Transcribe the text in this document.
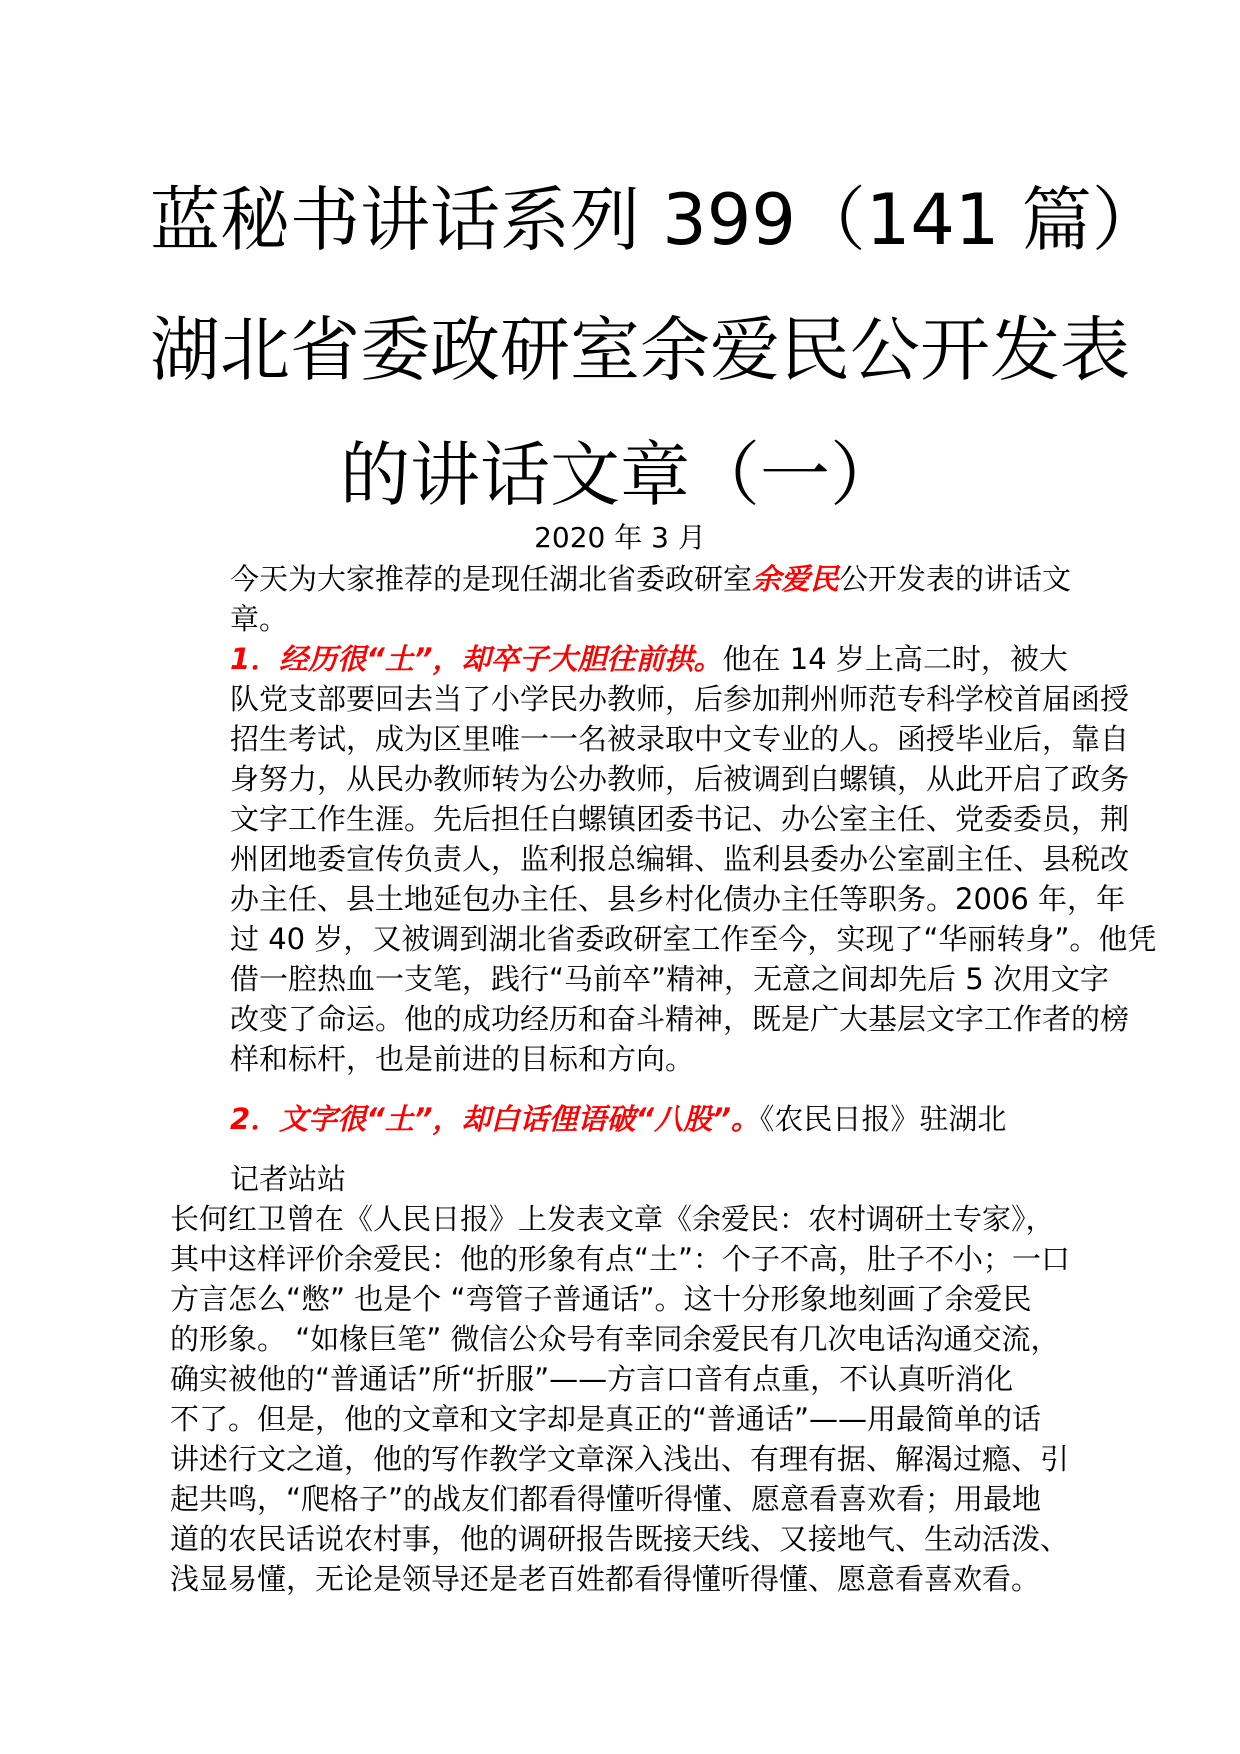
蓝秘书讲话系列 399（141 篇）
湖北省委政研室余爱民公开发表
的讲话文章（一）
2020 年 3 月
今天为大家推荐的是现任湖北省委政研室余爱民公开发表的讲话文
章。
1．经历很“土”，却卒子大胆往前拱。他在 14 岁上高二时，被大
队党支部要回去当了小学民办教师，后参加荆州师范专科学校首届函授
招生考试，成为区里唯一一名被录取中文专业的人。函授毕业后，靠自
身努力，从民办教师转为公办教师，后被调到白螺镇，从此开启了政务
文字工作生涯。先后担任白螺镇团委书记、办公室主任、党委委员，荆
州团地委宣传负责人，监利报总编辑、监利县委办公室副主任、县税改
办主任、县土地延包办主任、县乡村化债办主任等职务。2006 年，年
过 40 岁，又被调到湖北省委政研室工作至今，实现了“华丽转身”。他凭
借一腔热血一支笔，践行“马前卒”精神，无意之间却先后 5 次用文字
改变了命运。他的成功经历和奋斗精神，既是广大基层文字工作者的榜
样和标杆，也是前进的目标和方向。
2．文字很“土”，却白话俚语破“八股”。《农民日报》驻湖北
记者站站
长何红卫曾在《人民日报》上发表文章《余爱民：农村调研土专家》，
其中这样评价余爱民：他的形象有点“土”：个子不高，肚子不小；一口
方言怎么“憋” 也是个 “弯管子普通话”。这十分形象地刻画了余爱民
的形象。 “如椽巨笔” 微信公众号有幸同余爱民有几次电话沟通交流，
确实被他的“普通话”所“折服”——方言口音有点重，不认真听消化
不了。但是，他的文章和文字却是真正的“普通话”——用最简单的话
讲述行文之道，他的写作教学文章深入浅出、有理有据、解渴过瘾、引
起共鸣，“爬格子”的战友们都看得懂听得懂、愿意看喜欢看；用最地
道的农民话说农村事，他的调研报告既接天线、又接地气、生动活泼、
浅显易懂，无论是领导还是老百姓都看得懂听得懂、愿意看喜欢看。
